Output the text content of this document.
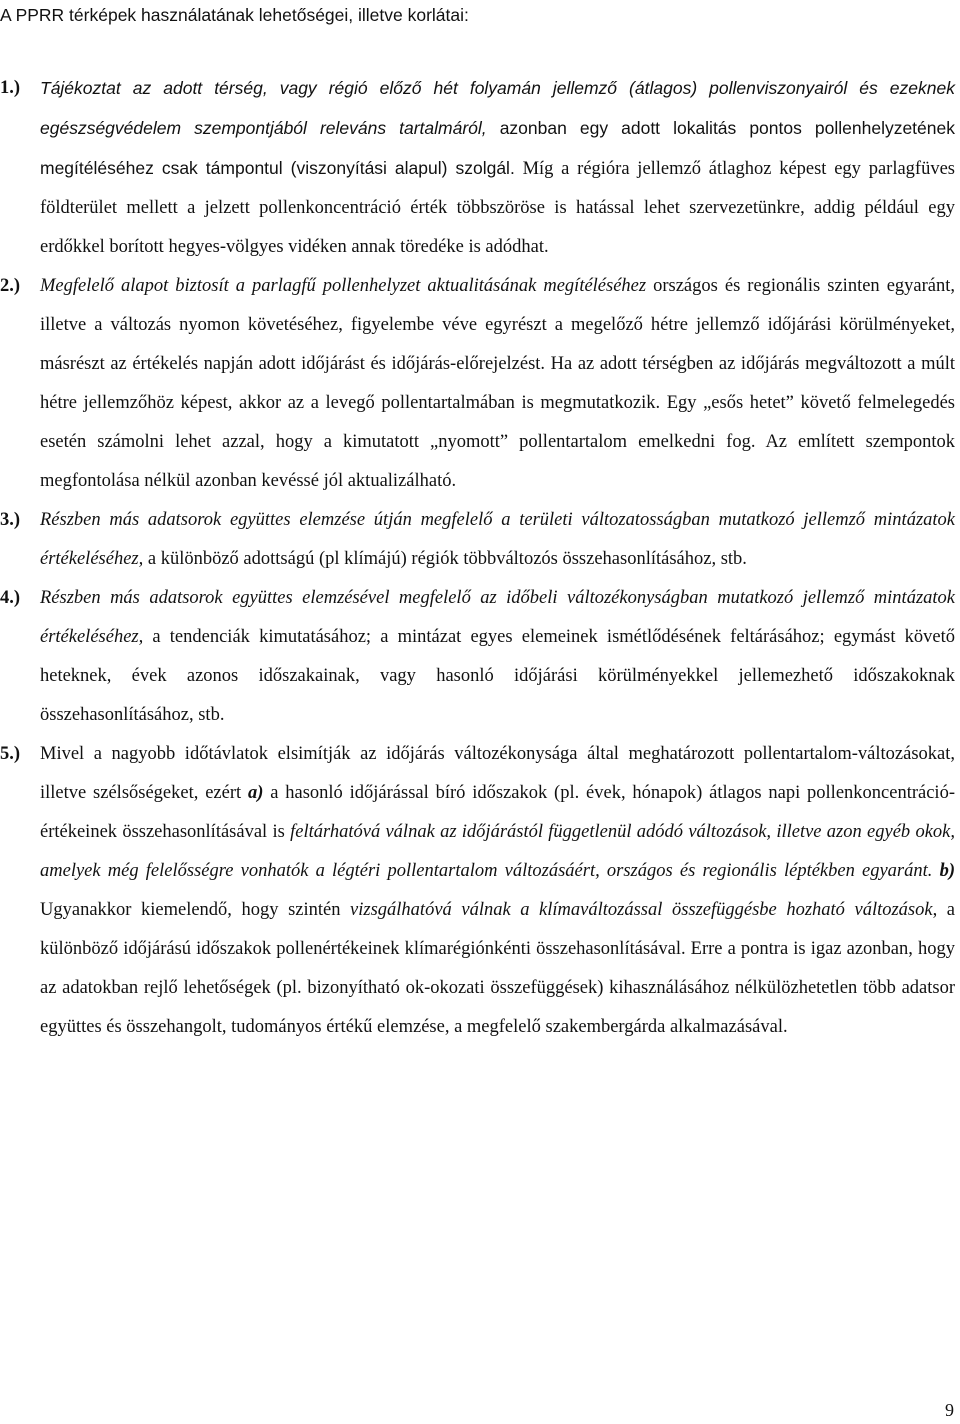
A PPRR térképek használatának lehetőségei, illetve korlátai:

1.) Tájékoztat az adott térség, vagy régió előző hét folyamán jellemző (átlagos) pollenviszonyairól és ezeknek egészségvédelem szempontjából releváns tartalmáról, azonban egy adott lokalitás pontos pollenhelyzetének megítéléséhez csak támpontul (viszonyítási alapul) szolgál. Míg a régióra jellemző átlaghoz képest egy parlagfüves földterület mellett a jelzett pollenkoncentráció érték többszöröse is hatással lehet szervezetünkre, addig például egy erdőkkel borított hegyes-völgyes vidéken annak töredéke is adódhat.

2.) Megfelelő alapot biztosít a parlagfű pollenhelyzet aktualitásának megítéléséhez országos és regionális szinten egyaránt, illetve a változás nyomon követéséhez, figyelembe véve egyrészt a megelőző hétre jellemző időjárási körülményeket, másrészt az értékelés napján adott időjárást és időjárás-előrejelzést. Ha az adott térségben az időjárás megváltozott a múlt hétre jellemzőhöz képest, akkor az a levegő pollentartalmában is megmutatkozik. Egy „esős hetet” követő felmelegedés esetén számolni lehet azzal, hogy a kimutatott „nyomott” pollentartalom emelkedni fog. Az említett szempontok megfontolása nélkül azonban kevéssé jól aktualizálható.

3.) Részben más adatsorok együttes elemzése útján megfelelő a területi változatosságban mutatkozó jellemző mintázatok értékeléséhez, a különböző adottságú (pl klímájú) régiók többváltozós összehasonlításához, stb.

4.) Részben más adatsorok együttes elemzésével megfelelő az időbeli változékonyságban mutatkozó jellemző mintázatok értékeléséhez, a tendenciák kimutatásához; a mintázat egyes elemeinek ismétlődésének feltárásához; egymást követő heteknek, évek azonos időszakainak, vagy hasonló időjárási körülményekkel jellemezhető időszakoknak összehasonlításához, stb.

5.) Mivel a nagyobb időtávlatok elsimítják az időjárás változékonysága által meghatározott pollentartalom-változásokat, illetve szélsőségeket, ezért a) a hasonló időjárással bíró időszakok (pl. évek, hónapok) átlagos napi pollenkoncentráció-értékeinek összehasonlításával is feltárhatóvá válnak az időjárástól függetlenül adódó változások, illetve azon egyéb okok, amelyek még felelősségre vonhatók a légtéri pollentartalom változásáért, országos és regionális léptékben egyaránt. b) Ugyanakkor kiemelendő, hogy szintén vizsgálhatóvá válnak a klímaváltozással összefüggésbe hozható változások, a különböző időjárású időszakok pollenértékeinek klímarégiónkénti összehasonlításával. Erre a pontra is igaz azonban, hogy az adatokban rejlő lehetőségek (pl. bizonyítható ok-okozati összefüggések) kihasználásához nélkülözhetetlen több adatsor együttes és összehangolt, tudományos értékű elemzése, a megfelelő szakembergárda alkalmazásával.

9
